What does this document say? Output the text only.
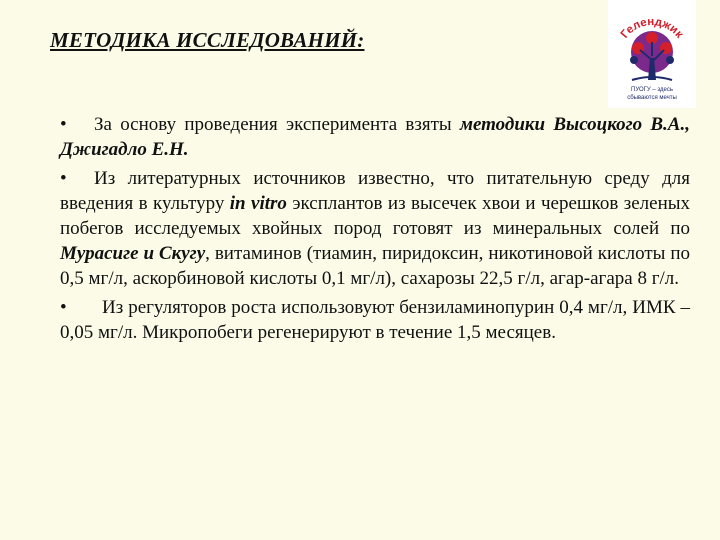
МЕТОДИКА ИССЛЕДОВАНИЙ:	Геленджик
ПУОГУ – здесь
сбываются мечты

• За основу проведения эксперимента взяты методики Высоцкого В.А., Джигадло Е.Н.

• Из литературных источников известно, что питательную среду для введения в культуру in vitro эксплантов из высечек хвои и черешков зеленых побегов исследуемых хвойных пород готовят из минеральных солей по Мурасиге и Скугу, витаминов (тиамин, пиридоксин, никотиновой кислоты по 0,5 мг/л, аскорбиновой кислоты 0,1 мг/л), сахарозы 22,5 г/л, агар-агара 8 г/л.

• Из регуляторов роста использовуют бензиламинопурин 0,4 мг/л, ИМК – 0,05 мг/л. Микропобеги регенерируют в течение 1,5 месяцев.
